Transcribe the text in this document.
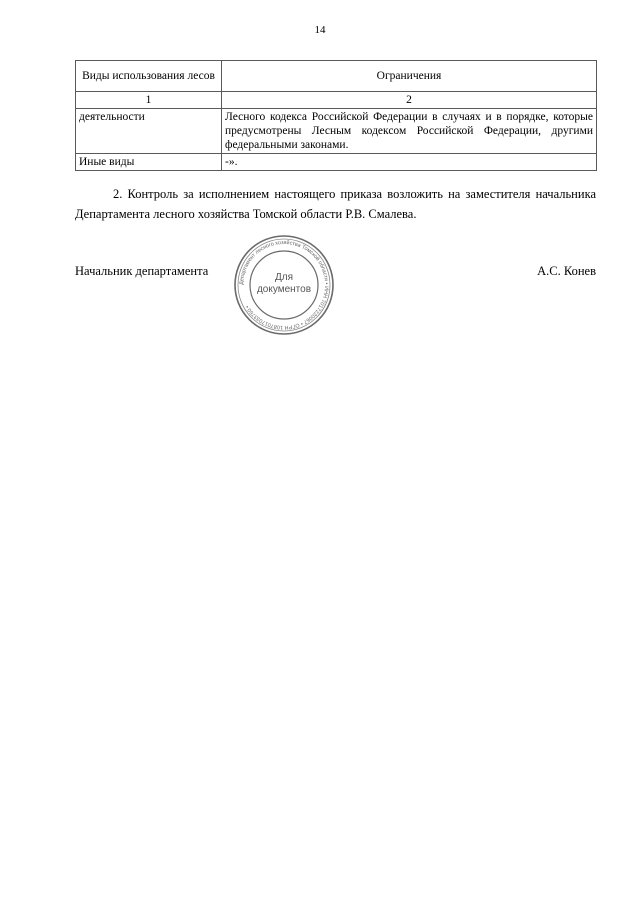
14
Виды использования лесов	Ограничения
1	2
деятельности	Лесного кодекса Российской Федерации в случаях и в порядке, которые предусмотрены Лесным кодексом Российской Федерации, другими федеральными законами.
Иные виды	-».
2. Контроль за исполнением настоящего приказа возложить на заместителя начальника Департамента лесного хозяйства Томской области Р.В. Смалева.
Начальник департамента
Департамент лесного хозяйства Томской области • ИНН 7017220067 • ОГРН 1087017033760 •
Для
документов
А.С. Конев
